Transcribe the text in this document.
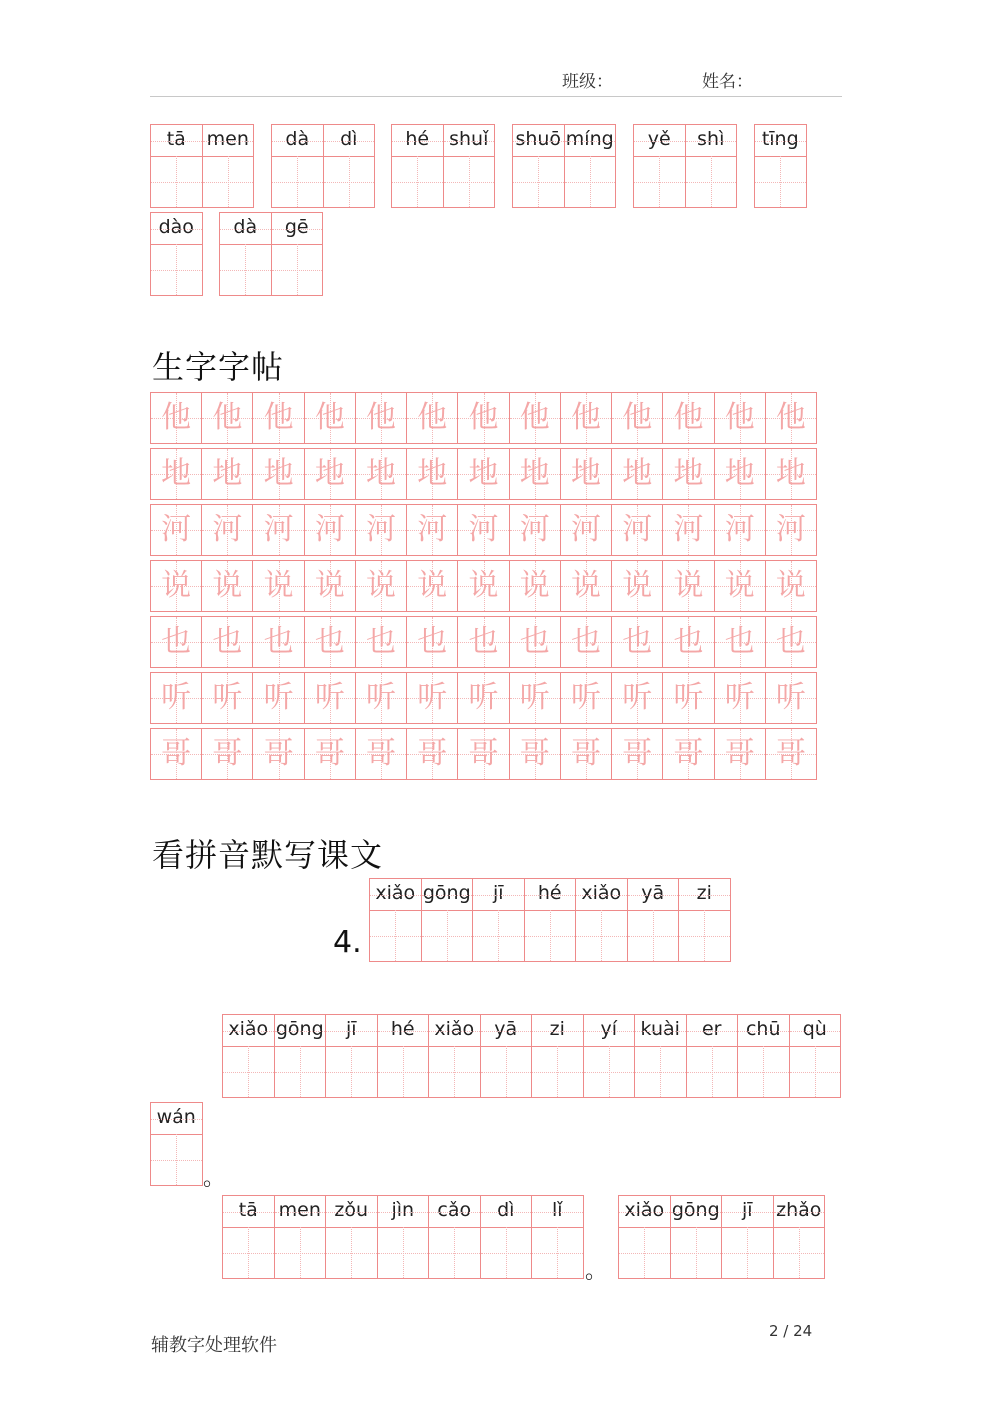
班级：	姓名：
tā	men	dà	dì	hé	shuǐ shuō míng	yě	shì	tīng
dào	dà	gē
生字字帖
他 他 他 他 他 他 他 他 他 他 他 他 他
地 地 地 地 地 地 地 地 地 地 地 地 地
河 河 河 河 河 河 河 河 河 河 河 河 河
说 说 说 说 说 说 说 说 说 说 说 说 说
也 也 也 也 也 也 也 也 也 也 也 也 也
听 听 听 听 听 听 听 听 听 听 听 听 听
哥 哥 哥 哥 哥 哥 哥 哥 哥 哥 哥 哥 哥
看拼音默写课文
4.
xiǎo gōng	jī	hé	xiǎo	yā	zi
xiǎo gōng	jī	hé	xiǎo	yā	zi	yí	kuài	er	chū	qù
wán
tā	men zǒu	jìn	cǎo	dì	lǐ	xiǎo gōng	jī	zhǎo
。
。
辅教字处理软件
2 / 24
